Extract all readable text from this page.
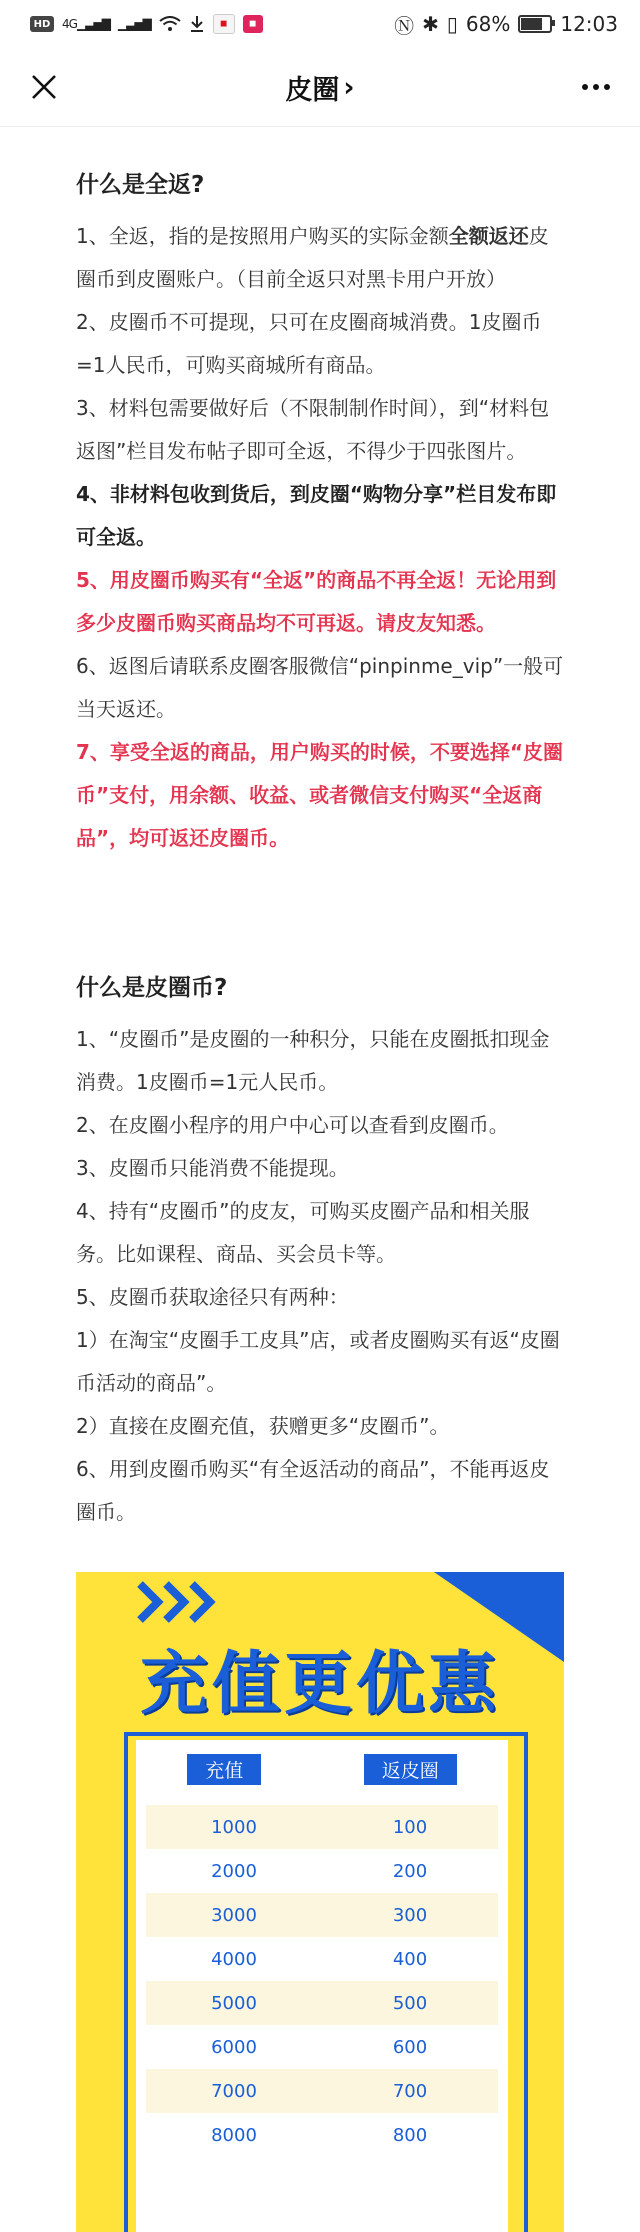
HD 4G▁▃▅▇ ▁▃▅▇	◼	◼	Ⓝ ✱ ▯ 68%	12:03
皮圈 ›
什么是全返?

1、全返，指的是按照用户购买的实际金额全额返还皮圈币到皮圈账户。（目前全返只对黑卡用户开放）

2、皮圈币不可提现，只可在皮圈商城消费。1皮圈币=1人民币，可购买商城所有商品。

3、材料包需要做好后（不限制制作时间），到“材料包返图”栏目发布帖子即可全返，不得少于四张图片。

4、非材料包收到货后，到皮圈“购物分享”栏目发布即可全返。

5、用皮圈币购买有“全返”的商品不再全返！无论用到多少皮圈币购买商品均不可再返。请皮友知悉。

6、返图后请联系皮圈客服微信“pinpinme_vip”一般可当天返还。

7、享受全返的商品，用户购买的时候，不要选择“皮圈币”支付，用余额、收益、或者微信支付购买“全返商品”，均可返还皮圈币。

什么是皮圈币?

1、“皮圈币”是皮圈的一种积分，只能在皮圈抵扣现金消费。1皮圈币=1元人民币。

2、在皮圈小程序的用户中心可以查看到皮圈币。

3、皮圈币只能消费不能提现。

4、持有“皮圈币”的皮友，可购买皮圈产品和相关服务。比如课程、商品、买会员卡等。

5、皮圈币获取途径只有两种：

1）在淘宝“皮圈手工皮具”店，或者皮圈购买有返“皮圈币活动的商品”。

2）直接在皮圈充值，获赠更多“皮圈币”。

6、用到皮圈币购买“有全返活动的商品”，不能再返皮圈币。

充值更优惠
充值	返皮圈
1000	100
2000	200
3000	300
4000	400
5000	500
6000	600
7000	700
8000	800
